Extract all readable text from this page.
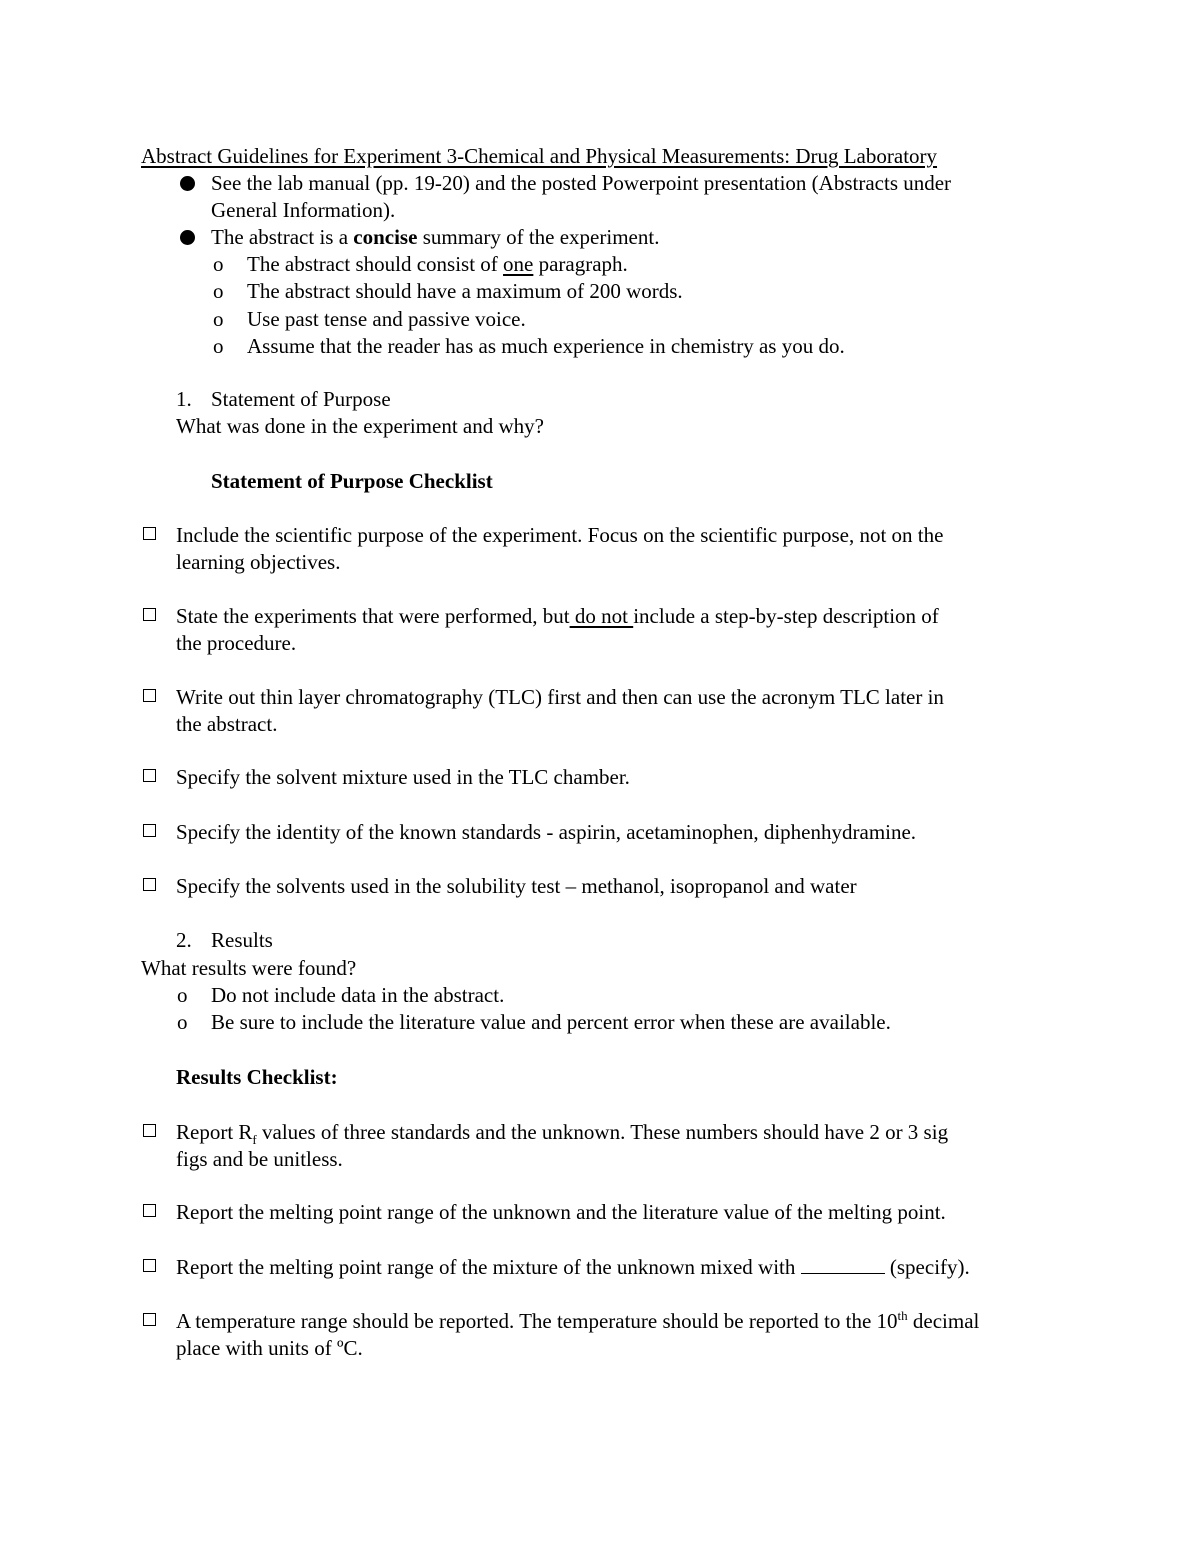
Abstract Guidelines for Experiment 3-Chemical and Physical Measurements: Drug Laboratory
See the lab manual (pp. 19-20) and the posted Powerpoint presentation (Abstracts under
General Information).
The abstract is a concise summary of the experiment.
o The abstract should consist of one paragraph.
o The abstract should have a maximum of 200 words.
o Use past tense and passive voice.
o Assume that the reader has as much experience in chemistry as you do.
1. Statement of Purpose
What was done in the experiment and why?
Statement of Purpose Checklist
Include the scientific purpose of the experiment. Focus on the scientific purpose, not on the
learning objectives.
State the experiments that were performed, but do not include a step-by-step description of
the procedure.
Write out thin layer chromatography (TLC) first and then can use the acronym TLC later in
the abstract.
Specify the solvent mixture used in the TLC chamber.
Specify the identity of the known standards - aspirin, acetaminophen, diphenhydramine.
Specify the solvents used in the solubility test – methanol, isopropanol and water
2. Results
What results were found?
o Do not include data in the abstract.
o Be sure to include the literature value and percent error when these are available.
Results Checklist:
Report $R_f$ values of three standards and the unknown. These numbers should have 2 or 3 sig
figs and be unitless.
Report the melting point range of the unknown and the literature value of the melting point.
Report the melting point range of the mixture of the unknown mixed with	(specify).
A temperature range should be reported. The temperature should be reported to the 10th decimal
place with units of ºC.
